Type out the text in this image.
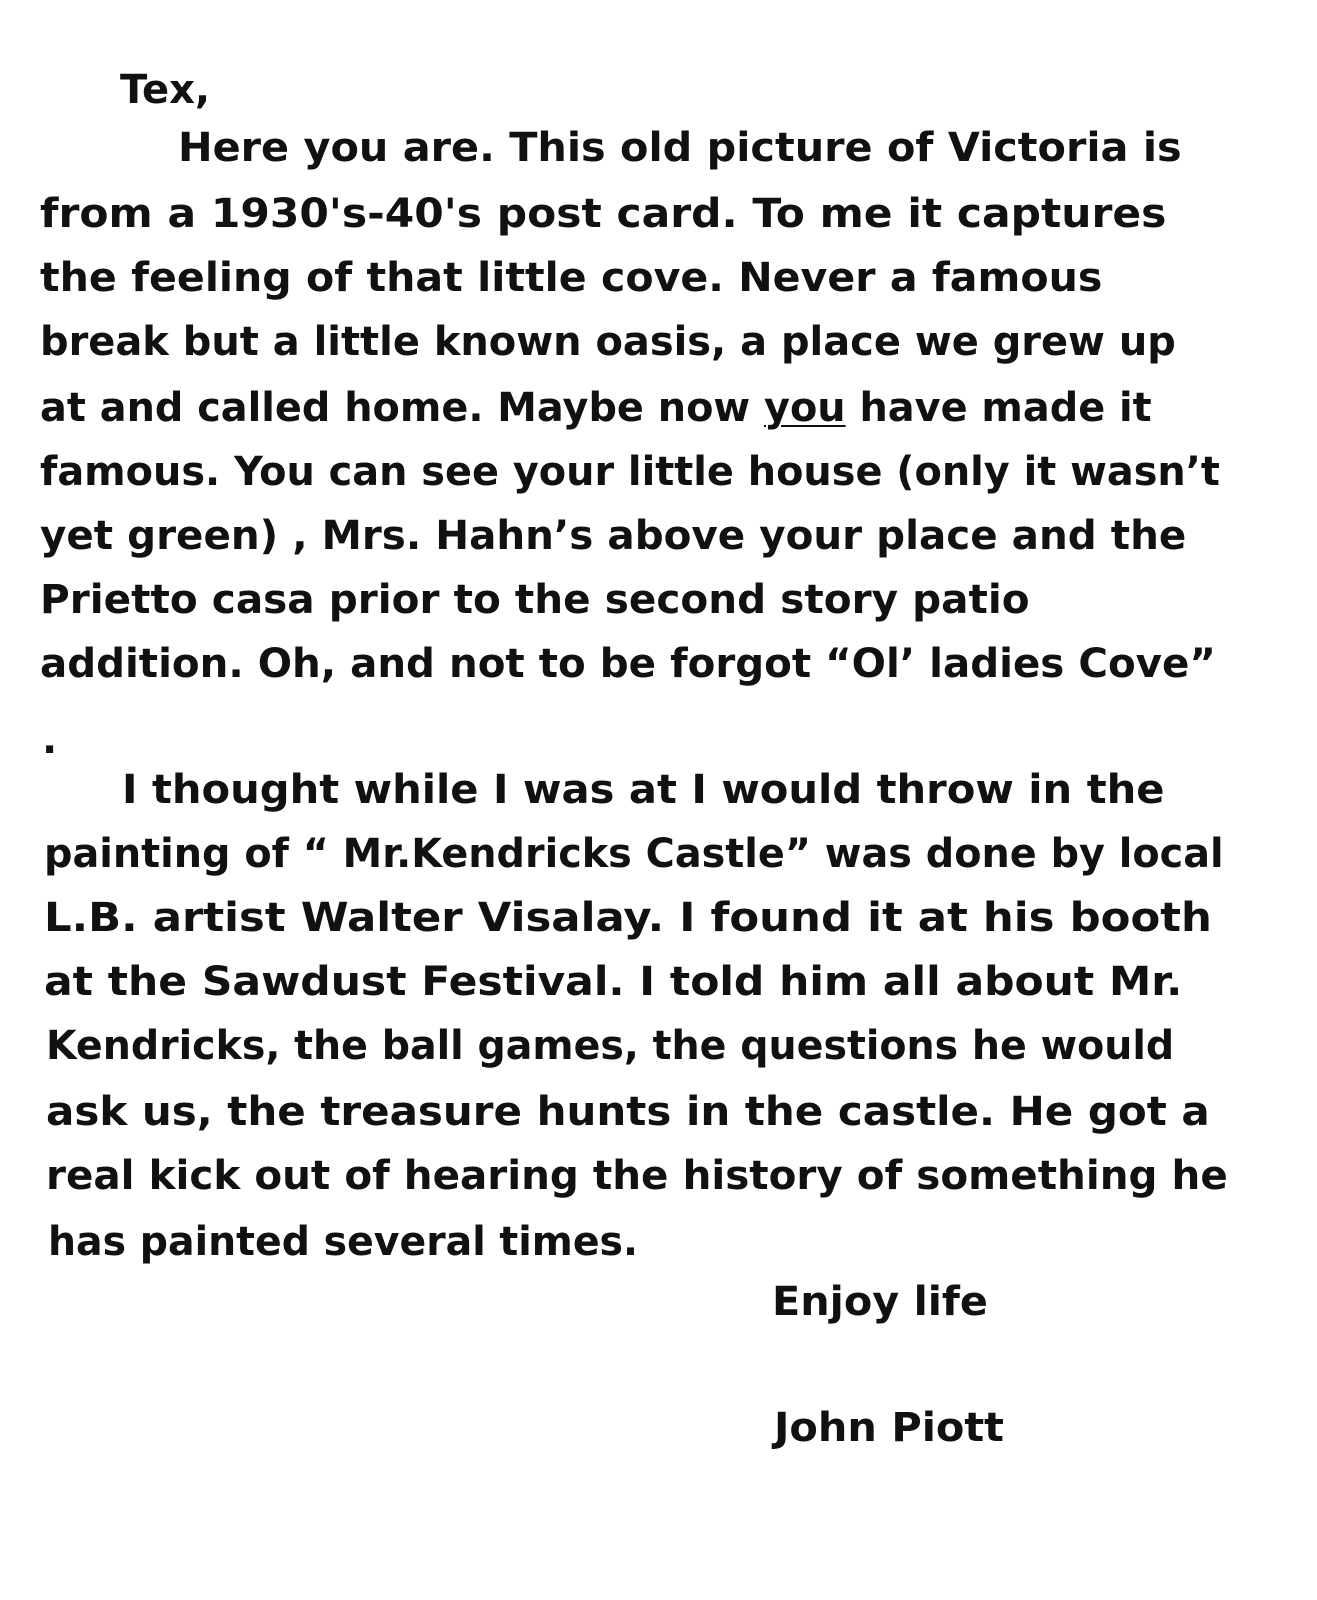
Tex,
Here you are. This old picture of Victoria is
from a 1930's-40's post card. To me it captures
the feeling of that little cove. Never a famous
break but a little known oasis, a place we grew up
at and called home. Maybe now you have made it
famous. You can see your little house (only it wasn’t
yet green) , Mrs. Hahn’s above your place and the
Prietto casa prior to the second story patio
addition. Oh, and not to be forgot “Ol’ ladies Cove”
.
I thought while I was at I would throw in the
painting of “ Mr.Kendricks Castle” was done by local
L.B. artist Walter Visalay. I found it at his booth
at the Sawdust Festival. I told him all about Mr.
Kendricks, the ball games, the questions he would
ask us, the treasure hunts in the castle. He got a
real kick out of hearing the history of something he
has painted several times.
Enjoy life
John Piott
